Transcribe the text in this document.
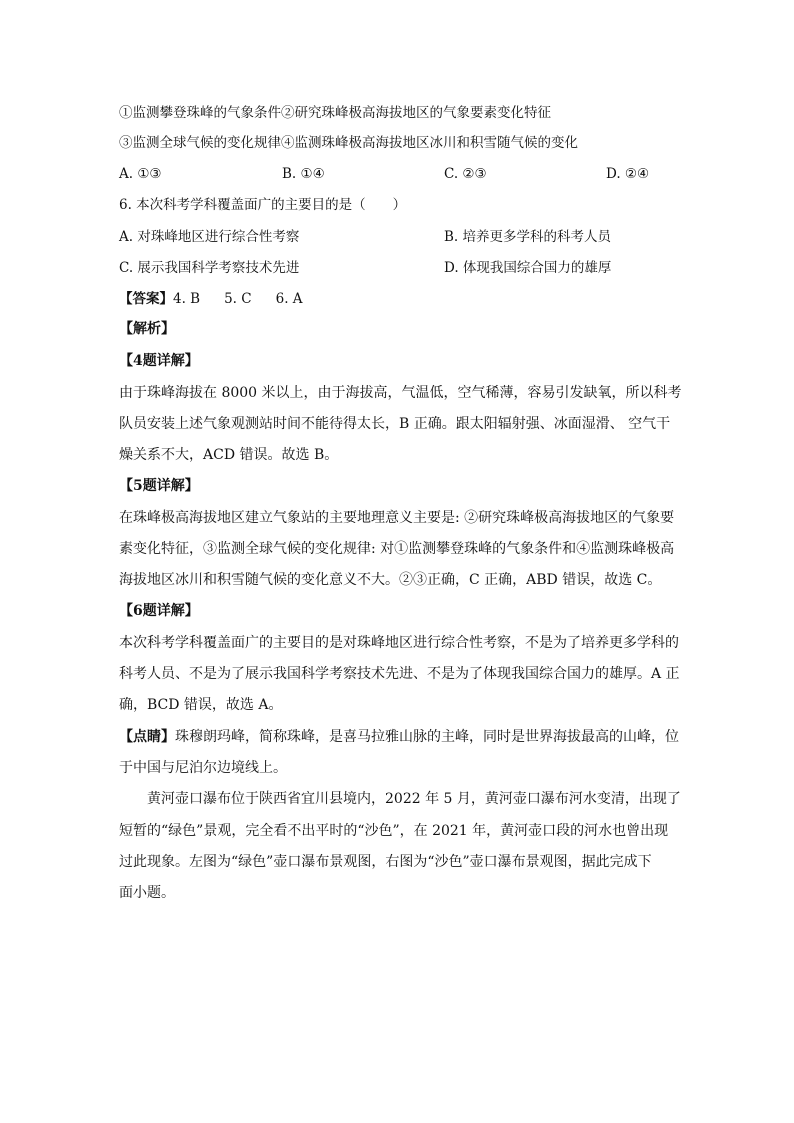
①监测攀登珠峰的气象条件②研究珠峰极高海拔地区的气象要素变化特征
③监测全球气候的变化规律④监测珠峰极高海拔地区冰川和积雪随气候的变化
A. ①③	B. ①④	C. ②③	D. ②④
6. 本次科考学科覆盖面广的主要目的是（　　）
A. 对珠峰地区进行综合性考察	B. 培养更多学科的科考人员
C. 展示我国科学考察技术先进	D. 体现我国综合国力的雄厚
【答案】4. B 5. C 6. A
【解析】
【4题详解】
由于珠峰海拔在 8000 米以上，由于海拔高，气温低，空气稀薄，容易引发缺氧，所以科考
队员安装上述气象观测站时间不能待得太长，B 正确。跟太阳辐射强、冰面湿滑、 空气干
燥关系不大，ACD 错误。故选 B。
【5题详解】
在珠峰极高海拔地区建立气象站的主要地理意义主要是: ②研究珠峰极高海拔地区的气象要
素变化特征，③监测全球气候的变化规律: 对①监测攀登珠峰的气象条件和④监测珠峰极高
海拔地区冰川和积雪随气候的变化意义不大。②③正确，C 正确，ABD 错误，故选 C。
【6题详解】
本次科考学科覆盖面广的主要目的是对珠峰地区进行综合性考察，不是为了培养更多学科的
科考人员、不是为了展示我国科学考察技术先进、不是为了体现我国综合国力的雄厚。A 正
确，BCD 错误，故选 A。
【点睛】珠穆朗玛峰，简称珠峰，是喜马拉雅山脉的主峰，同时是世界海拔最高的山峰，位
于中国与尼泊尔边境线上。
黄河壶口瀑布位于陕西省宜川县境内，2022 年 5 月，黄河壶口瀑布河水变清，出现了
短暂的“绿色”景观，完全看不出平时的“沙色”，在 2021 年，黄河壶口段的河水也曾出现
过此现象。左图为“绿色”壶口瀑布景观图，右图为“沙色”壶口瀑布景观图，据此完成下
面小题。
